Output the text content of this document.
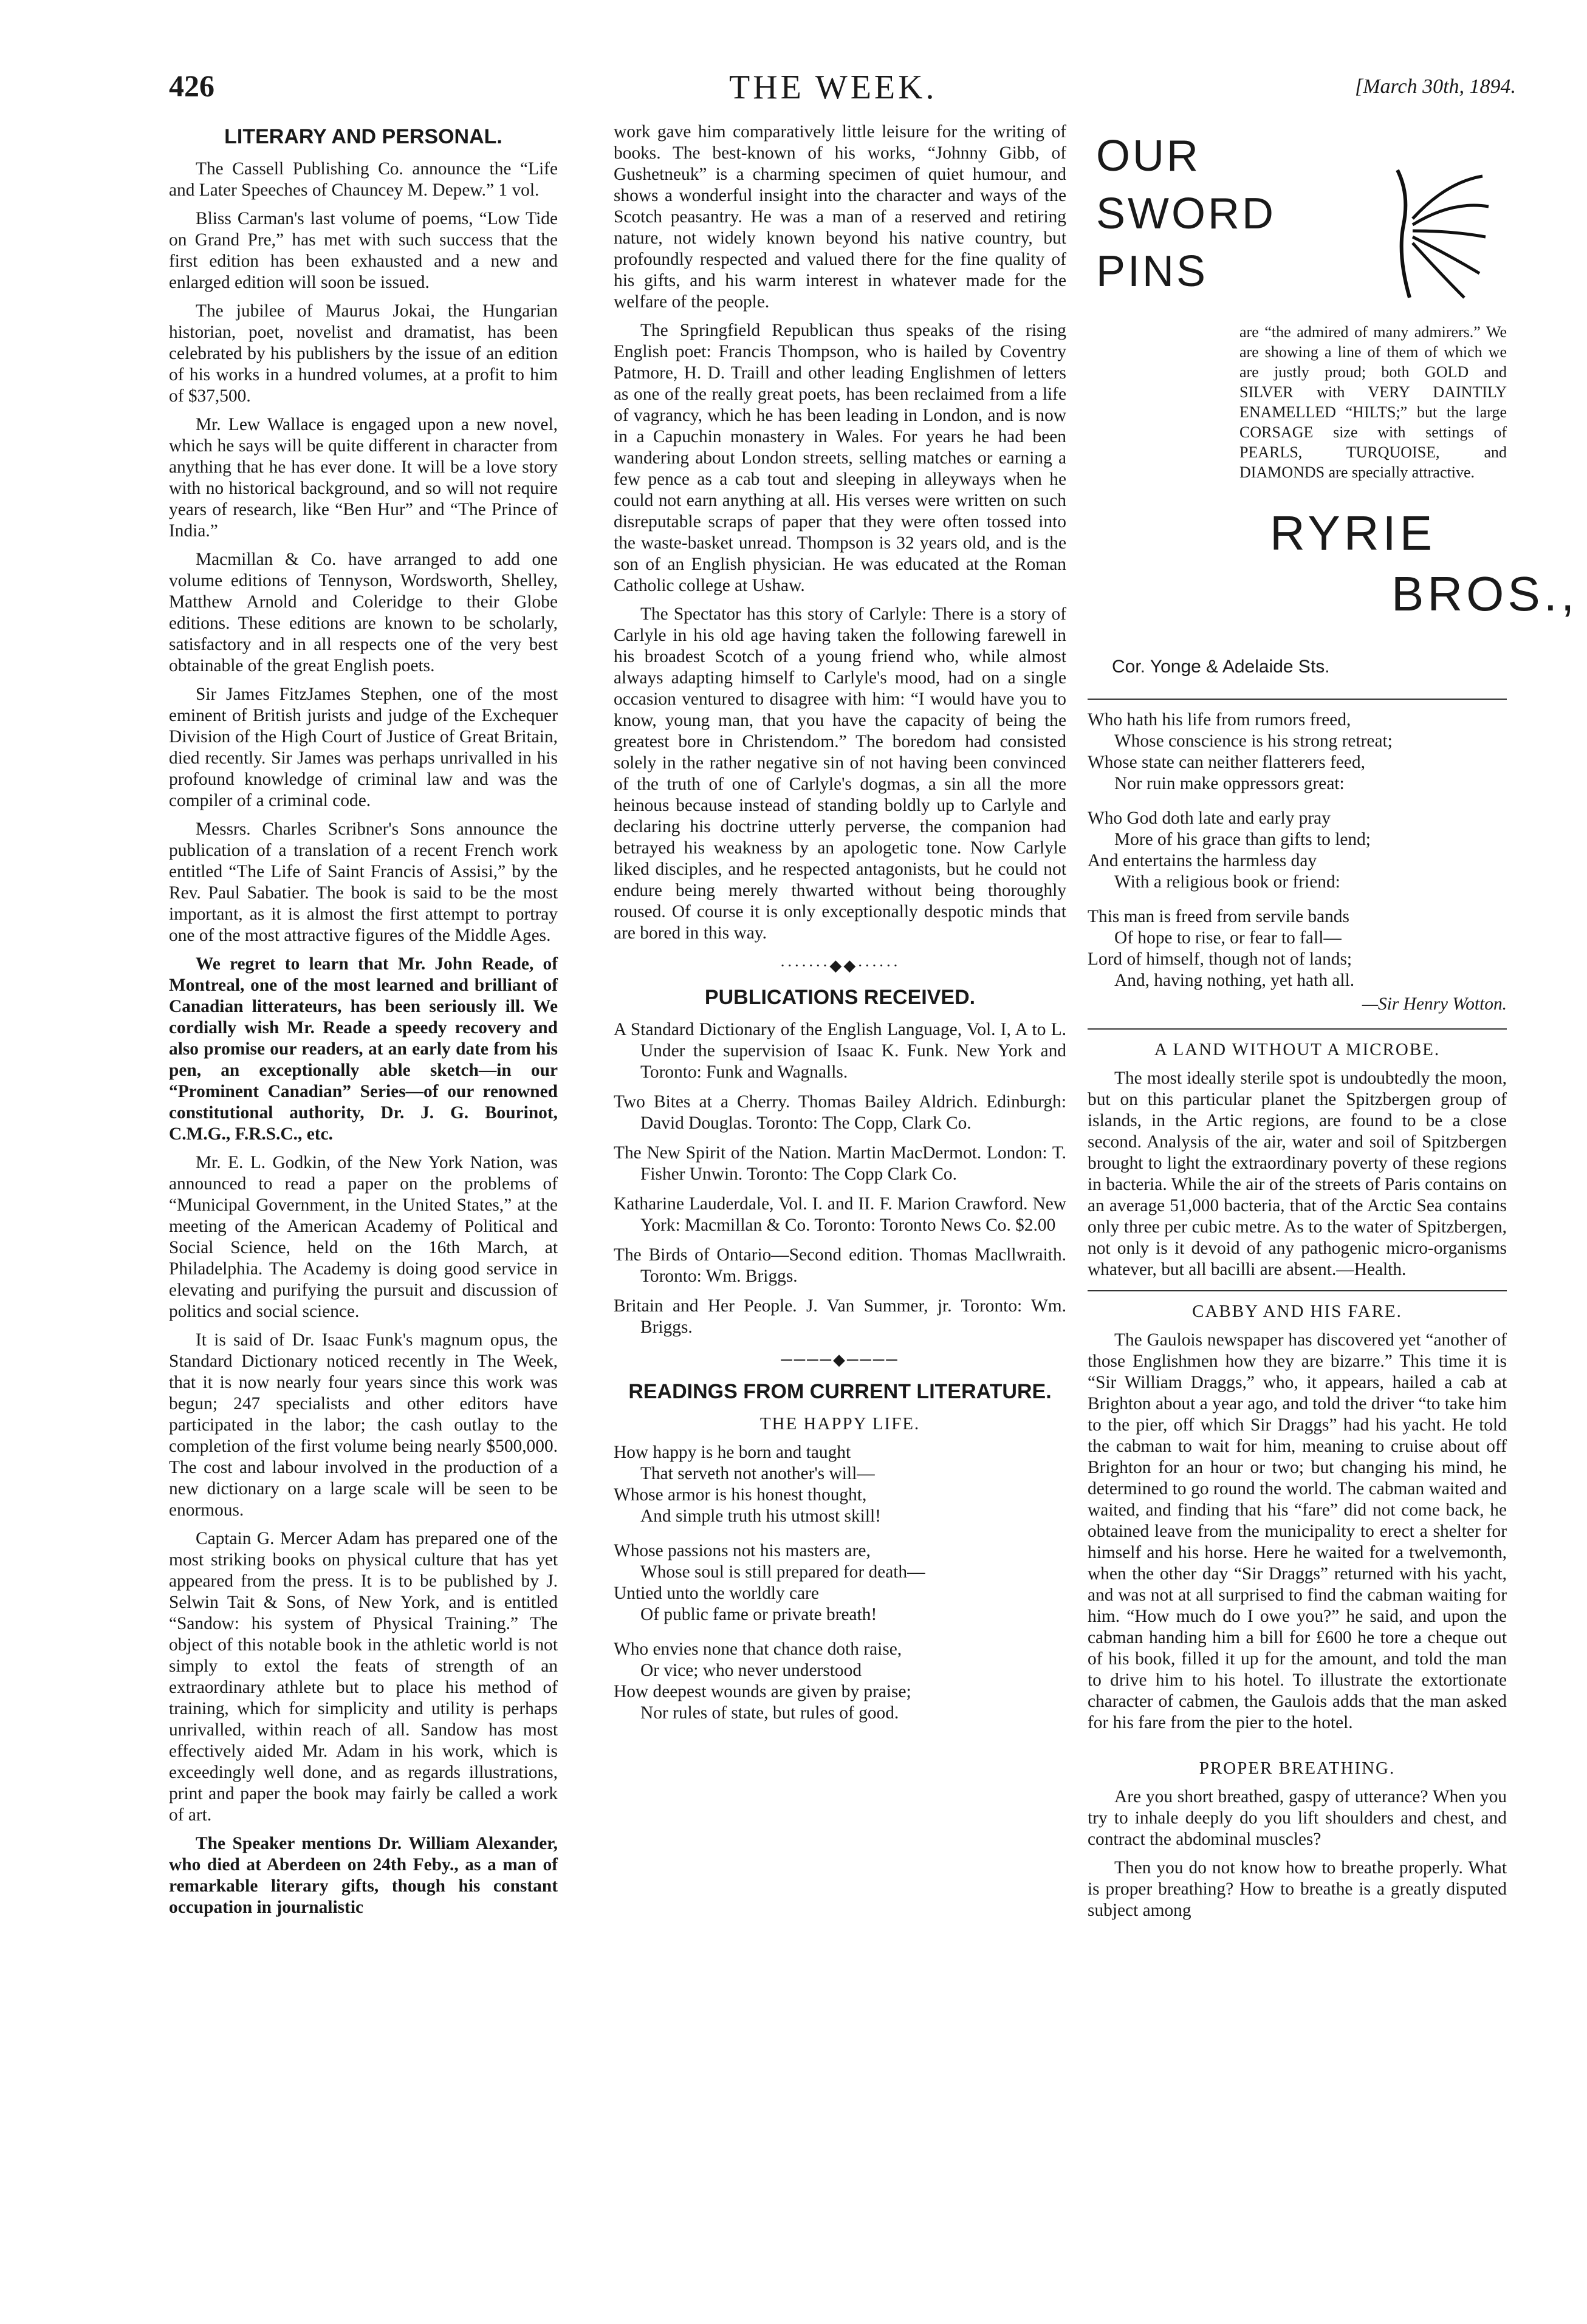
426	THE WEEK.	[March 30th, 1894.
LITERARY AND PERSONAL.

The Cassell Publishing Co. announce the “Life and Later Speeches of Chauncey M. Depew.” 1 vol.

Bliss Carman's last volume of poems, “Low Tide on Grand Pre,” has met with such success that the first edition has been exhausted and a new and enlarged edition will soon be issued.

The jubilee of Maurus Jokai, the Hungarian historian, poet, novelist and dramatist, has been celebrated by his publishers by the issue of an edition of his works in a hundred volumes, at a profit to him of $37,500.

Mr. Lew Wallace is engaged upon a new novel, which he says will be quite different in character from anything that he has ever done. It will be a love story with no historical background, and so will not require years of research, like “Ben Hur” and “The Prince of India.”

Macmillan & Co. have arranged to add one volume editions of Tennyson, Wordsworth, Shelley, Matthew Arnold and Coleridge to their Globe editions. These editions are known to be scholarly, satisfactory and in all respects one of the very best obtainable of the great English poets.

Sir James FitzJames Stephen, one of the most eminent of British jurists and judge of the Exchequer Division of the High Court of Justice of Great Britain, died recently. Sir James was perhaps unrivalled in his profound knowledge of criminal law and was the compiler of a criminal code.

Messrs. Charles Scribner's Sons announce the publication of a translation of a recent French work entitled “The Life of Saint Francis of Assisi,” by the Rev. Paul Sabatier. The book is said to be the most important, as it is almost the first attempt to portray one of the most attractive figures of the Middle Ages.

We regret to learn that Mr. John Reade, of Montreal, one of the most learned and brilliant of Canadian litterateurs, has been seriously ill. We cordially wish Mr. Reade a speedy recovery and also promise our readers, at an early date from his pen, an exceptionally able sketch—in our “Prominent Canadian” Series—of our renowned constitutional authority, Dr. J. G. Bourinot, C.M.G., F.R.S.C., etc.

Mr. E. L. Godkin, of the New York Nation, was announced to read a paper on the problems of “Municipal Government, in the United States,” at the meeting of the American Academy of Political and Social Science, held on the 16th March, at Philadelphia. The Academy is doing good service in elevating and purifying the pursuit and discussion of politics and social science.

It is said of Dr. Isaac Funk's magnum opus, the Standard Dictionary noticed recently in The Week, that it is now nearly four years since this work was begun; 247 specialists and other editors have participated in the labor; the cash outlay to the completion of the first volume being nearly $500,000. The cost and labour involved in the production of a new dictionary on a large scale will be seen to be enormous.

Captain G. Mercer Adam has prepared one of the most striking books on physical culture that has yet appeared from the press. It is to be published by J. Selwin Tait & Sons, of New York, and is entitled “Sandow: his system of Physical Training.” The object of this notable book in the athletic world is not simply to extol the feats of strength of an extraordinary athlete but to place his method of training, which for simplicity and utility is perhaps unrivalled, within reach of all. Sandow has most effectively aided Mr. Adam in his work, which is exceedingly well done, and as regards illustrations, print and paper the book may fairly be called a work of art.

The Speaker mentions Dr. William Alexander, who died at Aberdeen on 24th Feby., as a man of remarkable literary gifts, though his constant occupation in journalistic

work gave him comparatively little leisure for the writing of books. The best-known of his works, “Johnny Gibb, of Gushetneuk” is a charming specimen of quiet humour, and shows a wonderful insight into the character and ways of the Scotch peasantry. He was a man of a reserved and retiring nature, not widely known beyond his native country, but profoundly respected and valued there for the fine quality of his gifts, and his warm interest in whatever made for the welfare of the people.

The Springfield Republican thus speaks of the rising English poet: Francis Thompson, who is hailed by Coventry Patmore, H. D. Traill and other leading Englishmen of letters as one of the really great poets, has been reclaimed from a life of vagrancy, which he has been leading in London, and is now in a Capuchin monastery in Wales. For years he had been wandering about London streets, selling matches or earning a few pence as a cab tout and sleeping in alleyways when he could not earn anything at all. His verses were written on such disreputable scraps of paper that they were often tossed into the waste-basket unread. Thompson is 32 years old, and is the son of an English physician. He was educated at the Roman Catholic college at Ushaw.

The Spectator has this story of Carlyle: There is a story of Carlyle in his old age having taken the following farewell in his broadest Scotch of a young friend who, while almost always adapting himself to Carlyle's mood, had on a single occasion ventured to disagree with him: “I would have you to know, young man, that you have the capacity of being the greatest bore in Christendom.” The boredom had consisted solely in the rather negative sin of not having been convinced of the truth of one of Carlyle's dogmas, a sin all the more heinous because instead of standing boldly up to Carlyle and declaring his doctrine utterly perverse, the companion had betrayed his weakness by an apologetic tone. Now Carlyle liked disciples, and he respected antagonists, but he could not endure being merely thwarted without being thoroughly roused. Of course it is only exceptionally despotic minds that are bored in this way.

·······◆◆······
PUBLICATIONS RECEIVED.
A Standard Dictionary of the English Language, Vol. I, A to L. Under the supervision of Isaac K. Funk. New York and Toronto: Funk and Wagnalls.
Two Bites at a Cherry. Thomas Bailey Aldrich. Edinburgh: David Douglas. Toronto: The Copp, Clark Co.
The New Spirit of the Nation. Martin MacDermot. London: T. Fisher Unwin. Toronto: The Copp Clark Co.
Katharine Lauderdale, Vol. I. and II. F. Marion Crawford. New York: Macmillan & Co. Toronto: Toronto News Co. $2.00
The Birds of Ontario—Second edition. Thomas Macllwraith. Toronto: Wm. Briggs.
Britain and Her People. J. Van Summer, jr. Toronto: Wm. Briggs.
────◆────
READINGS FROM CURRENT LITERATURE.
THE HAPPY LIFE.
How happy is he born and taught
That serveth not another's will—
Whose armor is his honest thought,
And simple truth his utmost skill!
Whose passions not his masters are,
Whose soul is still prepared for death—
Untied unto the worldly care
Of public fame or private breath!
Who envies none that chance doth raise,
Or vice; who never understood
How deepest wounds are given by praise;
Nor rules of state, but rules of good.
OUR
SWORD
PINS
are “the admired of many admirers.” We are showing a line of them of which we are justly proud; both GOLD and SILVER with VERY DAINTILY ENAMELLED “HILTS;” but the large CORSAGE size with settings of PEARLS, TURQUOISE, and DIAMONDS are specially attractive.
RYRIE
BROS.,
Cor. Yonge & Adelaide Sts.
Who hath his life from rumors freed,
Whose conscience is his strong retreat;
Whose state can neither flatterers feed,
Nor ruin make oppressors great:
Who God doth late and early pray
More of his grace than gifts to lend;
And entertains the harmless day
With a religious book or friend:
This man is freed from servile bands
Of hope to rise, or fear to fall—
Lord of himself, though not of lands;
And, having nothing, yet hath all.
—Sir Henry Wotton.
A LAND WITHOUT A MICROBE.

The most ideally sterile spot is undoubtedly the moon, but on this particular planet the Spitzbergen group of islands, in the Artic regions, are found to be a close second. Analysis of the air, water and soil of Spitzbergen brought to light the extraordinary poverty of these regions in bacteria. While the air of the streets of Paris contains on an average 51,000 bacteria, that of the Arctic Sea contains only three per cubic metre. As to the water of Spitzbergen, not only is it devoid of any pathogenic micro-organisms whatever, but all bacilli are absent.—Health.

CABBY AND HIS FARE.

The Gaulois newspaper has discovered yet “another of those Englishmen how they are bizarre.” This time it is “Sir William Draggs,” who, it appears, hailed a cab at Brighton about a year ago, and told the driver “to take him to the pier, off which Sir Draggs” had his yacht. He told the cabman to wait for him, meaning to cruise about off Brighton for an hour or two; but changing his mind, he determined to go round the world. The cabman waited and waited, and finding that his “fare” did not come back, he obtained leave from the municipality to erect a shelter for himself and his horse. Here he waited for a twelvemonth, when the other day “Sir Draggs” returned with his yacht, and was not at all surprised to find the cabman waiting for him. “How much do I owe you?” he said, and upon the cabman handing him a bill for £600 he tore a cheque out of his book, filled it up for the amount, and told the man to drive him to his hotel. To illustrate the extortionate character of cabmen, the Gaulois adds that the man asked for his fare from the pier to the hotel.

PROPER BREATHING.

Are you short breathed, gaspy of utterance? When you try to inhale deeply do you lift shoulders and chest, and contract the abdominal muscles?

Then you do not know how to breathe properly. What is proper breathing? How to breathe is a greatly disputed subject among
